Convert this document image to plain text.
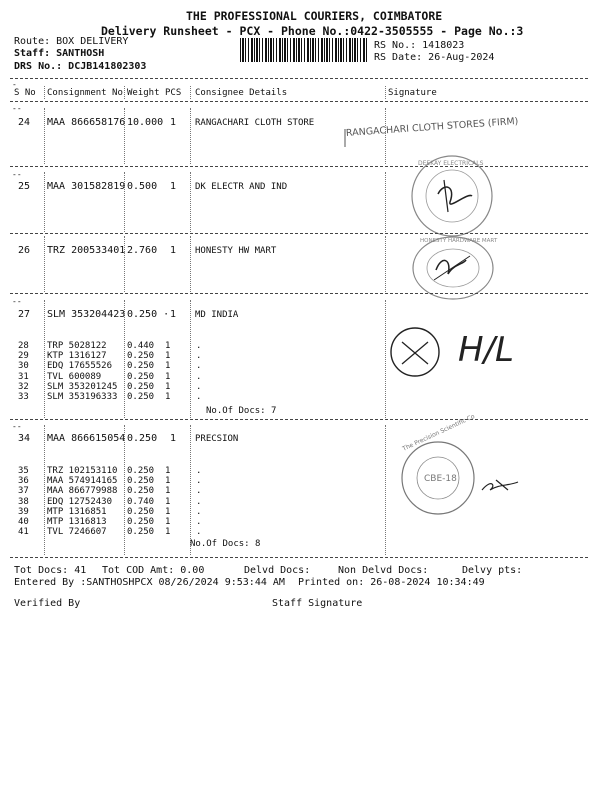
THE PROFESSIONAL COURIERS, COIMBATORE
Delivery Runsheet - PCX - Phone No.:0422-3505555 - Page No.:3
Route: BOX DELIVERY
Staff: SANTHOSH
DRS No.: DCJB141802303
RS No.: 1418023
RS Date: 26-Aug-2024
-
S No Consignment No Weight PCS Consignee Details	Signature
--
24 MAA 866658176 10.000 1 RANGACHARI CLOTH STORE	RANGACHARI CLOTH STORES (FIRM)
--
25 MAA 301582819 0.500 1 DK ELECTR AND IND
DEEKAY ELECTRICALS
26 TRZ 200533401 2.760 1 HONESTY HW MART
HONESTY HARDWARE MART
--
27 SLM 353204423 0.250 · 1 MD INDIA
28 TRP 5028122 0.440 1	.
29 KTP 1316127 0.250 1	.
30 EDQ 17655526 0.250 1	.
31 TVL 600089	0.250 1	.
32 SLM 353201245 0.250 1	.
33 SLM 353196333 0.250 1	.
No.Of Docs: 7
H/L
--
34 MAA 866615054 0.250 1 PRECSION
35 TRZ 102153110 0.250 1	.
36 MAA 574914165 0.250 1	.
37 MAA 866779988 0.250 1	.
38 EDQ 12752430 0.740 1	.
39 MTP 1316851 0.250 1	.
40 MTP 1316813 0.250 1	.
41 TVL 7246607 0.250 1	.
No.Of Docs: 8
The Precision Scientific Co
CBE-18
Tot Docs: 41 Tot COD Amt: 0.00	Delvd Docs:	Non Delvd Docs:	Delvy pts:
Entered By :SANTHOSHPCX 08/26/2024 9:53:44 AM Printed on: 26-08-2024 10:34:49
Verified By	Staff Signature
